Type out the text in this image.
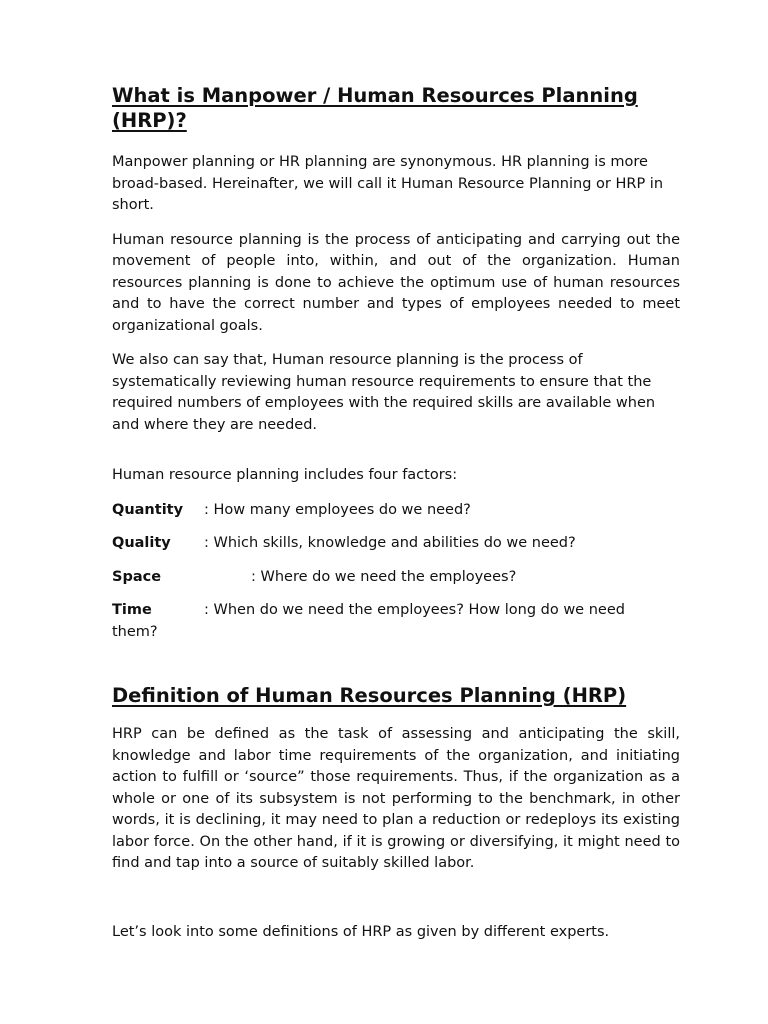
What is Manpower / Human Resources Planning
(HRP)?

Manpower planning or HR planning are synonymous. HR planning is more broad-based. Hereinafter, we will call it Human Resource Planning or HRP in short.

Human resource planning is the process of anticipating and carrying out the movement of people into, within, and out of the organization. Human resources planning is done to achieve the optimum use of human resources and to have the correct number and types of employees needed to meet organizational goals.

We also can say that, Human resource planning is the process of systematically reviewing human resource requirements to ensure that the required numbers of employees with the required skills are available when and where they are needed.

Human resource planning includes four factors:

Quantity : How many employees do we need?

Quality : Which skills, knowledge and abilities do we need?

Space	: Where do we need the employees?

Time	: When do we need the employees? How long do we need
them?
Definition of Human Resources Planning (HRP)

HRP can be defined as the task of assessing and anticipating the skill, knowledge and labor time requirements of the organization, and initiating action to fulfill or ‘source” those requirements. Thus, if the organization as a whole or one of its subsystem is not performing to the benchmark, in other words, it is declining, it may need to plan a reduction or redeploys its existing labor force. On the other hand, if it is growing or diversifying, it might need to find and tap into a source of suitably skilled labor.

Let’s look into some definitions of HRP as given by different experts.
